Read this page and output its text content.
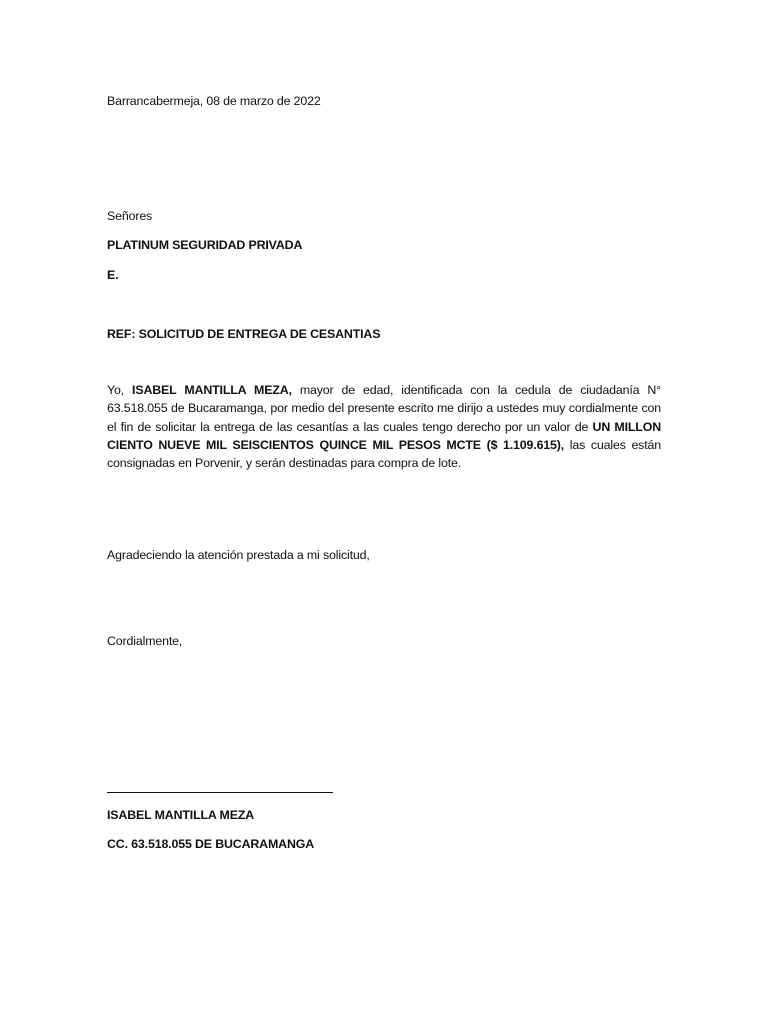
Barrancabermeja, 08 de marzo de 2022
Señores
PLATINUM SEGURIDAD PRIVADA
E.
REF: SOLICITUD DE ENTREGA DE CESANTIAS

Yo, ISABEL MANTILLA MEZA, mayor de edad, identificada con la cedula de ciudadanía N° 63.518.055 de Bucaramanga, por medio del presente escrito me dirijo a ustedes muy cordialmente con el fin de solicitar la entrega de las cesantías a las cuales tengo derecho por un valor de UN MILLON CIENTO NUEVE MIL SEISCIENTOS QUINCE MIL PESOS MCTE ($ 1.109.615), las cuales están consignadas en Porvenir, y serán destinadas para compra de lote.

Agradeciendo la atención prestada a mi solicitud,
Cordialmente,
ISABEL MANTILLA MEZA
CC. 63.518.055 DE BUCARAMANGA
